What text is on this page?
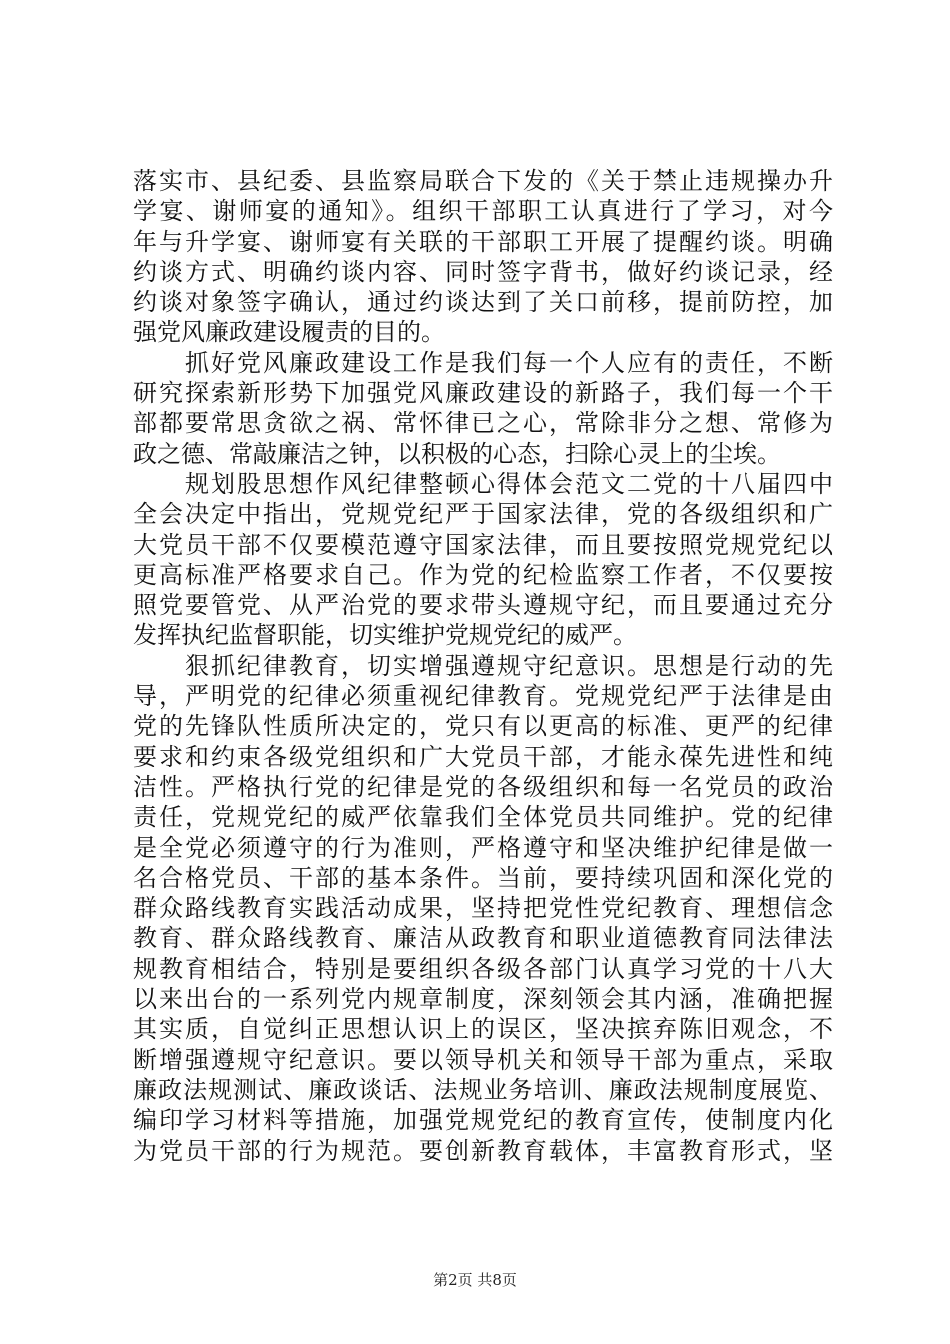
落实市、县纪委、县监察局联合下发的《关于禁止违规操办升
学宴、谢师宴的通知》。组织干部职工认真进行了学习，对今
年与升学宴、谢师宴有关联的干部职工开展了提醒约谈。明确
约谈方式、明确约谈内容、同时签字背书，做好约谈记录，经
约谈对象签字确认，通过约谈达到了关口前移，提前防控，加
强党风廉政建设履责的目的。
　　抓好党风廉政建设工作是我们每一个人应有的责任，不断
研究探索新形势下加强党风廉政建设的新路子，我们每一个干
部都要常思贪欲之祸、常怀律已之心，常除非分之想、常修为
政之德、常敲廉洁之钟，以积极的心态，扫除心灵上的尘埃。
　　规划股思想作风纪律整顿心得体会范文二党的十八届四中
全会决定中指出，党规党纪严于国家法律，党的各级组织和广
大党员干部不仅要模范遵守国家法律，而且要按照党规党纪以
更高标准严格要求自己。作为党的纪检监察工作者，不仅要按
照党要管党、从严治党的要求带头遵规守纪，而且要通过充分
发挥执纪监督职能，切实维护党规党纪的威严。
　　狠抓纪律教育，切实增强遵规守纪意识。思想是行动的先
导，严明党的纪律必须重视纪律教育。党规党纪严于法律是由
党的先锋队性质所决定的，党只有以更高的标准、更严的纪律
要求和约束各级党组织和广大党员干部，才能永葆先进性和纯
洁性。严格执行党的纪律是党的各级组织和每一名党员的政治
责任，党规党纪的威严依靠我们全体党员共同维护。党的纪律
是全党必须遵守的行为准则，严格遵守和坚决维护纪律是做一
名合格党员、干部的基本条件。当前，要持续巩固和深化党的
群众路线教育实践活动成果，坚持把党性党纪教育、理想信念
教育、群众路线教育、廉洁从政教育和职业道德教育同法律法
规教育相结合，特别是要组织各级各部门认真学习党的十八大
以来出台的一系列党内规章制度，深刻领会其内涵，准确把握
其实质，自觉纠正思想认识上的误区，坚决摈弃陈旧观念，不
断增强遵规守纪意识。要以领导机关和领导干部为重点，采取
廉政法规测试、廉政谈话、法规业务培训、廉政法规制度展览、
编印学习材料等措施，加强党规党纪的教育宣传，使制度内化
为党员干部的行为规范。要创新教育载体，丰富教育形式，坚
第2页 共8页
